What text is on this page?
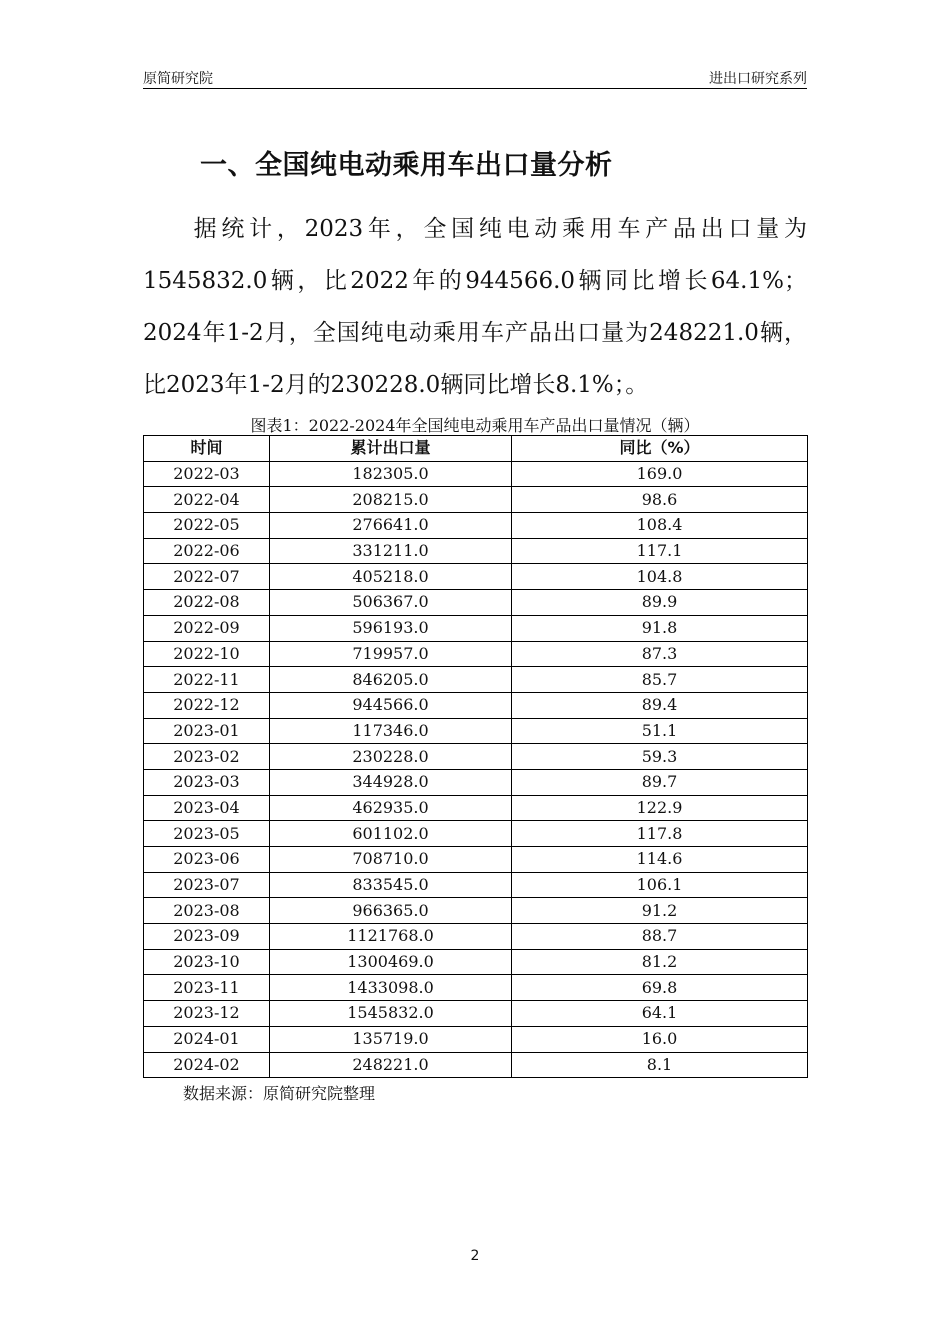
原简研究院	进出口研究系列
一、全国纯电动乘用车出口量分析

据统计，2023年，全国纯电动乘用车产品出口量为1545832.0辆，比2022年的944566.0辆同比增长64.1%；2024年1-2月，全国纯电动乘用车产品出口量为248221.0辆，比2023年1-2月的230228.0辆同比增长8.1%；。

图表1：2022-2024年全国纯电动乘用车产品出口量情况（辆）
时间	累计出口量	同比（%）
2022-03	182305.0	169.0
2022-04	208215.0	98.6
2022-05	276641.0	108.4
2022-06	331211.0	117.1
2022-07	405218.0	104.8
2022-08	506367.0	89.9
2022-09	596193.0	91.8
2022-10	719957.0	87.3
2022-11	846205.0	85.7
2022-12	944566.0	89.4
2023-01	117346.0	51.1
2023-02	230228.0	59.3
2023-03	344928.0	89.7
2023-04	462935.0	122.9
2023-05	601102.0	117.8
2023-06	708710.0	114.6
2023-07	833545.0	106.1
2023-08	966365.0	91.2
2023-09	1121768.0	88.7
2023-10	1300469.0	81.2
2023-11	1433098.0	69.8
2023-12	1545832.0	64.1
2024-01	135719.0	16.0
2024-02	248221.0	8.1
数据来源：原简研究院整理
2
